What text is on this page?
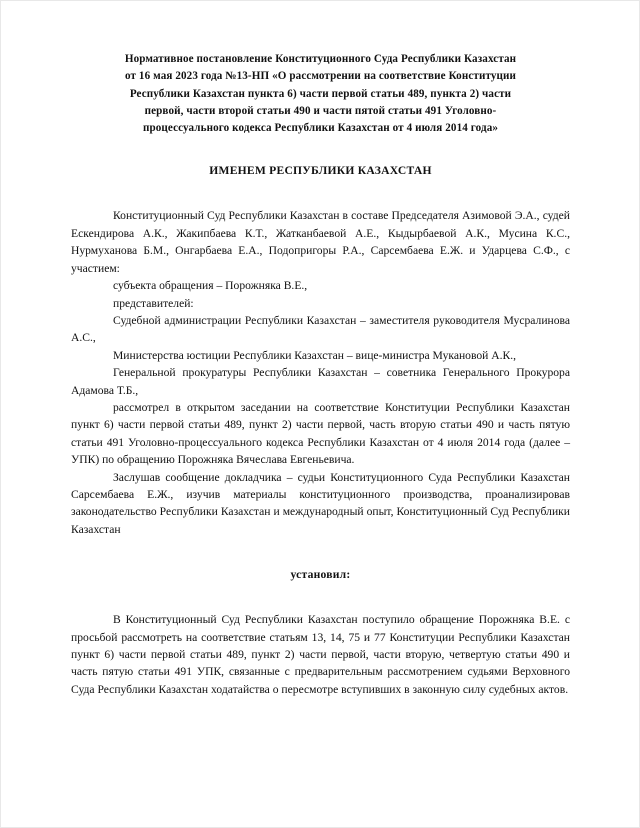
Нормативное постановление Конституционного Суда Республики Казахстан
от 16 мая 2023 года №13-НП «О рассмотрении на соответствие Конституции
Республики Казахстан пункта 6) части первой статьи 489, пункта 2) части
первой, части второй статьи 490 и части пятой статьи 491 Уголовно-
процессуального кодекса Республики Казахстан от 4 июля 2014 года»
ИМЕНЕМ РЕСПУБЛИКИ КАЗАХСТАН

Конституционный Суд Республики Казахстан в составе Председателя Азимовой Э.А., судей Ескендирова А.К., Жакипбаева К.Т., Жатканбаевой А.Е., Кыдырбаевой А.К., Мусина К.С., Нурмуханова Б.М., Онгарбаева Е.А., Подопригоры Р.А., Сарсембаева Е.Ж. и Ударцева С.Ф., с участием:

субъекта обращения – Порожняка В.Е.,

представителей:

Судебной администрации Республики Казахстан – заместителя руководителя Мусралинова А.С.,

Министерства юстиции Республики Казахстан – вице-министра Мукановой А.К.,

Генеральной прокуратуры Республики Казахстан – советника Генерального Прокурора Адамова Т.Б.,

рассмотрел в открытом заседании на соответствие Конституции Республики Казахстан пункт 6) части первой статьи 489, пункт 2) части первой, часть вторую статьи 490 и часть пятую статьи 491 Уголовно-процессуального кодекса Республики Казахстан от 4 июля 2014 года (далее – УПК) по обращению Порожняка Вячеслава Евгеньевича.

Заслушав сообщение докладчика – судьи Конституционного Суда Республики Казахстан Сарсембаева Е.Ж., изучив материалы конституционного производства, проанализировав законодательство Республики Казахстан и международный опыт, Конституционный Суд Республики Казахстан

установил:

В Конституционный Суд Республики Казахстан поступило обращение Порожняка В.Е. с просьбой рассмотреть на соответствие статьям 13, 14, 75 и 77 Конституции Республики Казахстан пункт 6) части первой статьи 489, пункт 2) части первой, части вторую, четвертую статьи 490 и часть пятую статьи 491 УПК, связанные с предварительным рассмотрением судьями Верховного Суда Республики Казахстан ходатайства о пересмотре вступивших в законную силу судебных актов.
